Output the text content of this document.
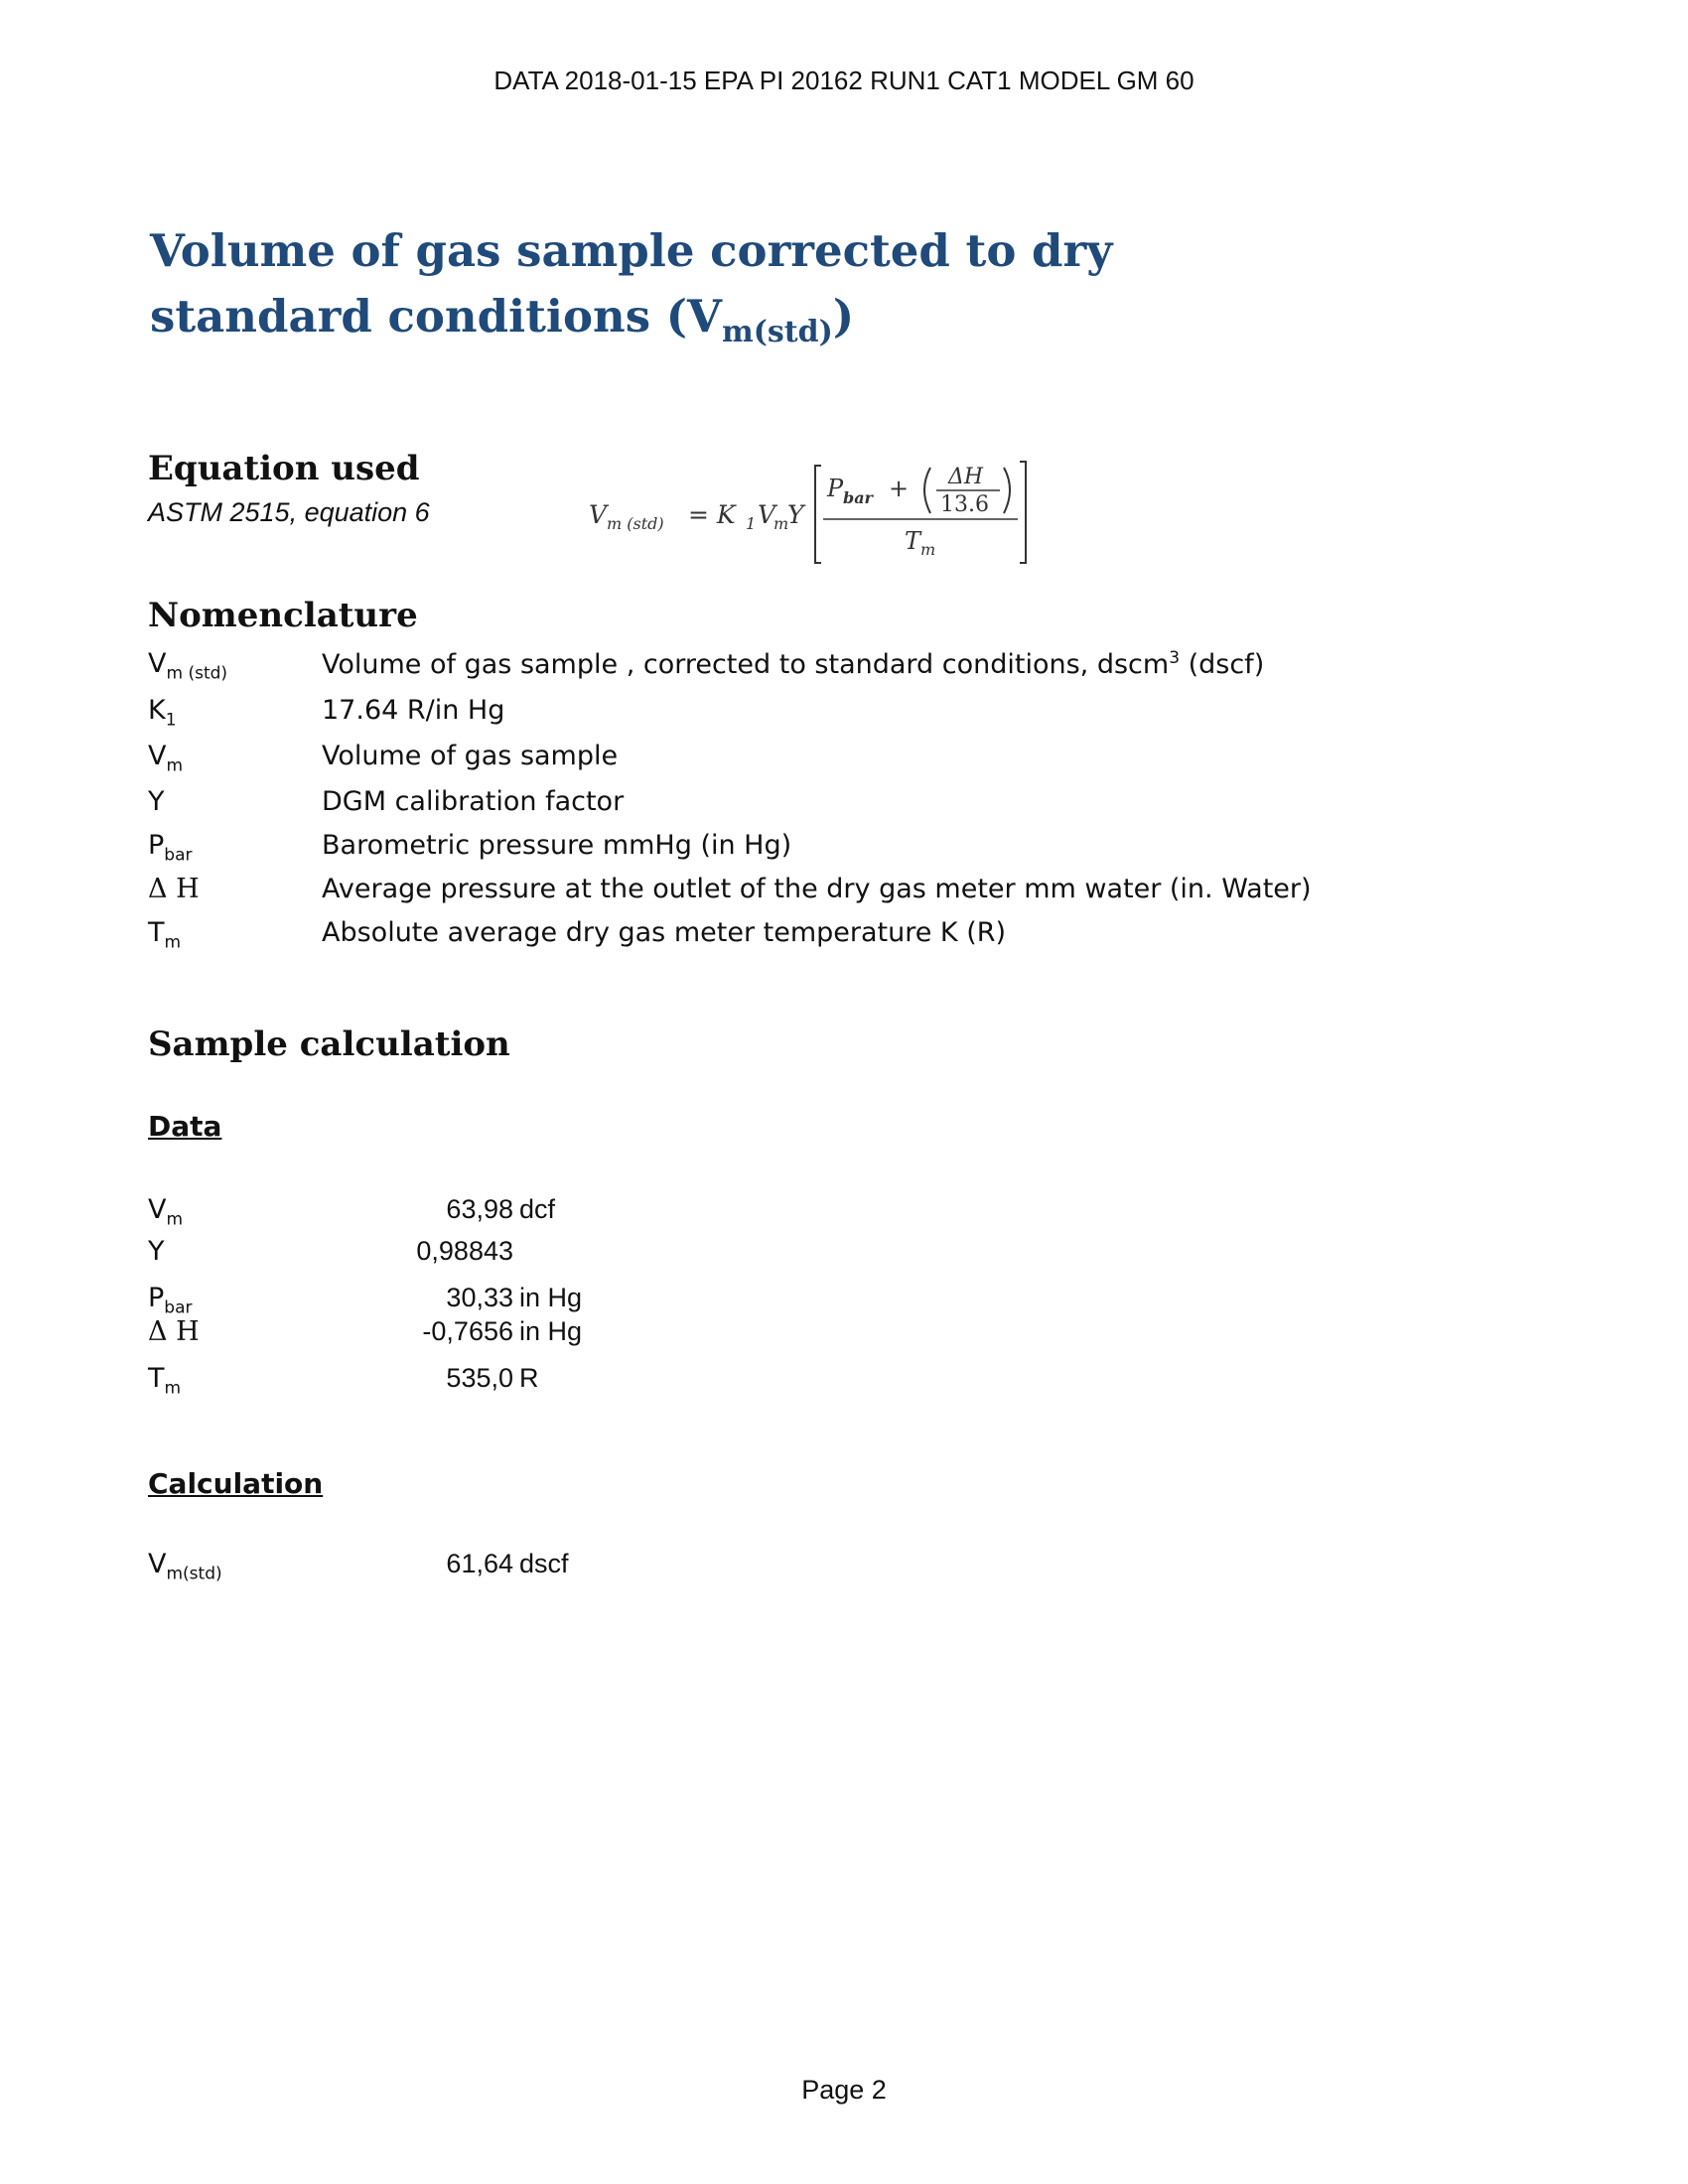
DATA 2018-01-15 EPA PI 20162 RUN1 CAT1 MODEL GM 60
Volume of gas sample corrected to dry
standard conditions $(V_{m(std)})$
Equation used
ASTM 2515, equation 6	V m (std) = K 1 V
m
Y
P bar + ΔH
13.6
T m
Nomenclature
$V_{m (std)}$	Volume of gas sample , corrected to standard conditions, dscm$^3$ (dscf)
$K_1$	17.64 R/in Hg
$V_m$	Volume of gas sample
Y	DGM calibration factor
$P_{bar}$	Barometric pressure mmHg (in Hg)
Δ H	Average pressure at the outlet of the dry gas meter mm water (in. Water)
$T_m$	Absolute average dry gas meter temperature K (R)
Sample calculation
Data
$V_m$	63,98 dcf
Y	0,98843
$P_{bar}$	30,33 in Hg
Δ H	-0,7656 in Hg
$T_m$	535,0 R
Calculation
$V_{m(std)}$	61,64 dscf
Page 2
